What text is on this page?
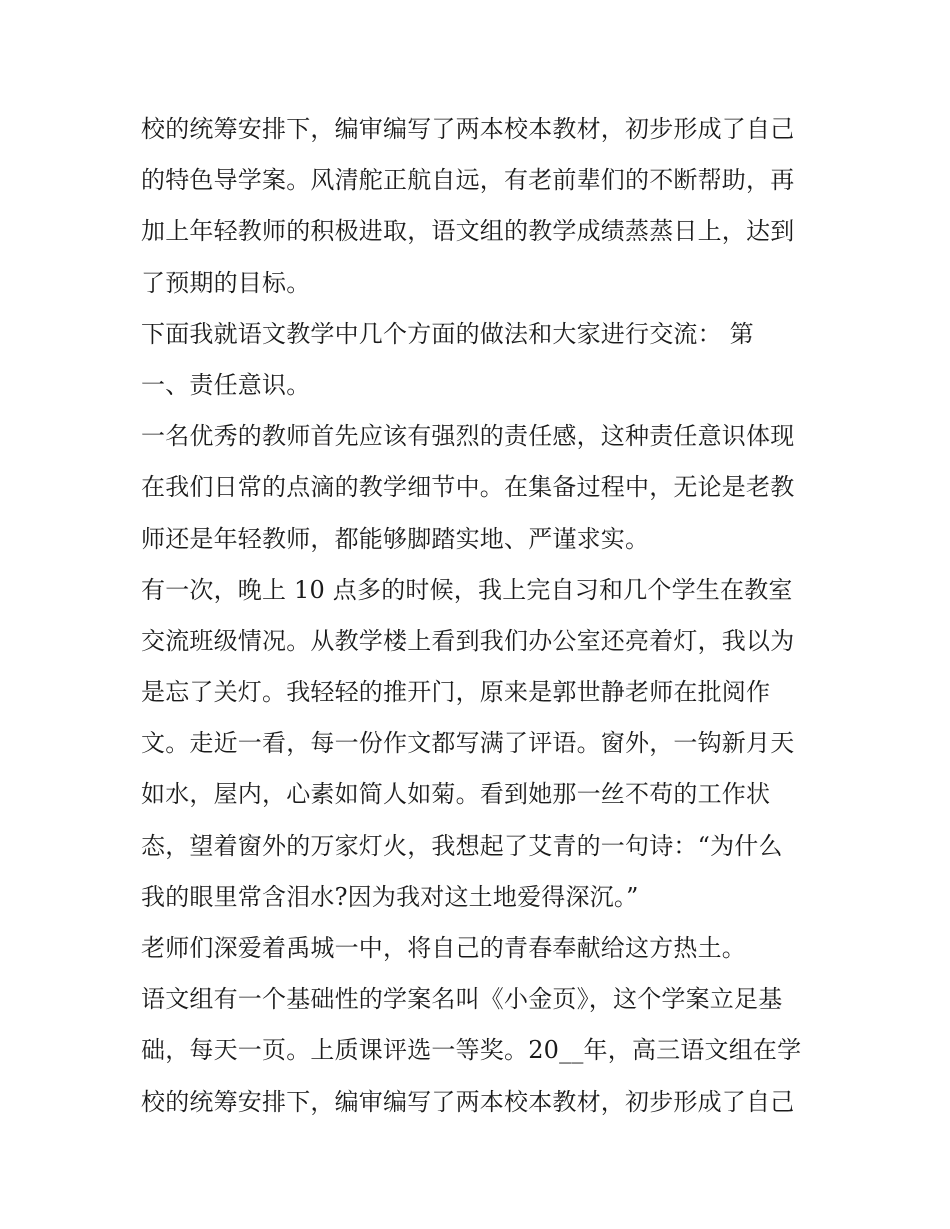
校的统筹安排下，编审编写了两本校本教材，初步形成了自己
的特色导学案。风清舵正航自远，有老前辈们的不断帮助，再
加上年轻教师的积极进取，语文组的教学成绩蒸蒸日上，达到
了预期的目标。
下面我就语文教学中几个方面的做法和大家进行交流： 第
一、责任意识。
一名优秀的教师首先应该有强烈的责任感，这种责任意识体现
在我们日常的点滴的教学细节中。在集备过程中，无论是老教
师还是年轻教师，都能够脚踏实地、严谨求实。
有一次，晚上 10 点多的时候，我上完自习和几个学生在教室
交流班级情况。从教学楼上看到我们办公室还亮着灯，我以为
是忘了关灯。我轻轻的推开门，原来是郭世静老师在批阅作
文。走近一看，每一份作文都写满了评语。窗外，一钩新月天
如水，屋内，心素如简人如菊。看到她那一丝不苟的工作状
态，望着窗外的万家灯火，我想起了艾青的一句诗：“为什么
我的眼里常含泪水?因为我对这土地爱得深沉。”
老师们深爱着禹城一中，将自己的青春奉献给这方热土。
语文组有一个基础性的学案名叫《小金页》，这个学案立足基
础，每天一页。上质课评选一等奖。20__年，高三语文组在学
校的统筹安排下，编审编写了两本校本教材，初步形成了自己
